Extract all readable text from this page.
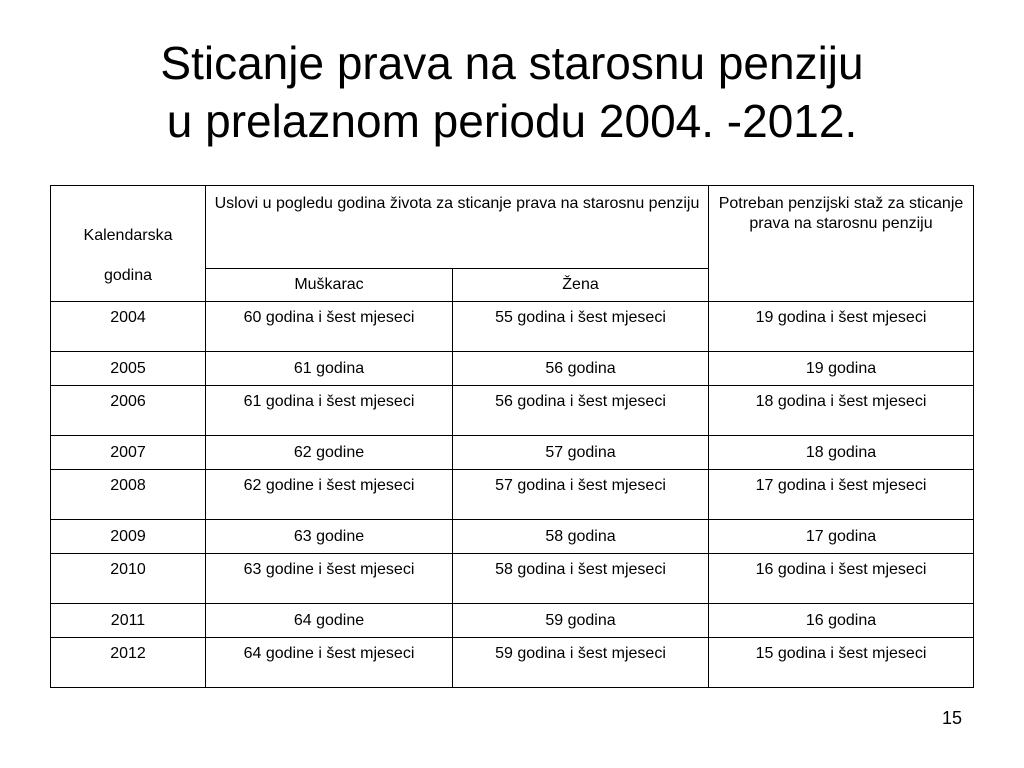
Sticanje prava na starosnu penziju
u prelaznom periodu 2004. -2012.
Kalendarska
godina	Uslovi u pogledu godina života za sticanje prava na starosnu penziju		Potreban penzijski staž za sticanje prava na starosnu penziju
	Muškarac	Žena	
2004	60 godina i šest mjeseci	55 godina i šest mjeseci	19 godina i šest mjeseci
2005	61 godina	56 godina	19 godina
2006	61 godina i šest mjeseci	56 godina i šest mjeseci	18 godina i šest mjeseci
2007	62 godine	57 godina	18 godina
2008	62 godine i šest mjeseci	57 godina i šest mjeseci	17 godina i šest mjeseci
2009	63 godine	58 godina	17 godina
2010	63 godine i šest mjeseci	58 godina i šest mjeseci	16 godina i šest mjeseci
2011	64 godine	59 godina	16 godina
2012	64 godine i šest mjeseci	59 godina i šest mjeseci	15 godina i šest mjeseci
15
